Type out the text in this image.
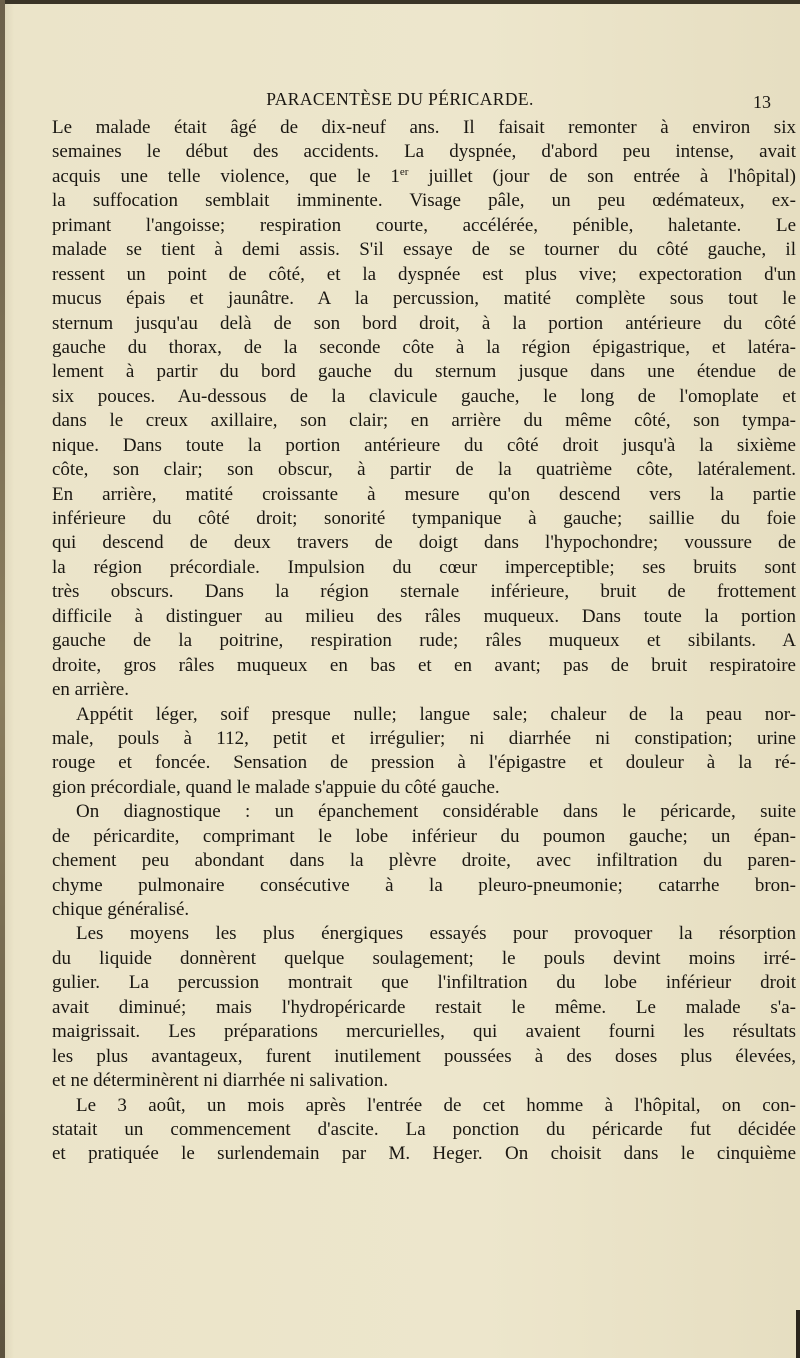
PARACENTÈSE DU PÉRICARDE.	13
Le malade était âgé de dix-neuf ans. Il faisait remonter à environ six
semaines le début des accidents. La dyspnée, d'abord peu intense, avait
acquis une telle violence, que le 1er juillet (jour de son entrée à l'hôpital)
la suffocation semblait imminente. Visage pâle, un peu œdémateux, ex-
primant l'angoisse; respiration courte, accélérée, pénible, haletante. Le
malade se tient à demi assis. S'il essaye de se tourner du côté gauche, il
ressent un point de côté, et la dyspnée est plus vive; expectoration d'un
mucus épais et jaunâtre. A la percussion, matité complète sous tout le
sternum jusqu'au delà de son bord droit, à la portion antérieure du côté
gauche du thorax, de la seconde côte à la région épigastrique, et latéra-
lement à partir du bord gauche du sternum jusque dans une étendue de
six pouces. Au-dessous de la clavicule gauche, le long de l'omoplate et
dans le creux axillaire, son clair; en arrière du même côté, son tympa-
nique. Dans toute la portion antérieure du côté droit jusqu'à la sixième
côte, son clair; son obscur, à partir de la quatrième côte, latéralement.
En arrière, matité croissante à mesure qu'on descend vers la partie
inférieure du côté droit; sonorité tympanique à gauche; saillie du foie
qui descend de deux travers de doigt dans l'hypochondre; voussure de
la région précordiale. Impulsion du cœur imperceptible; ses bruits sont
très obscurs. Dans la région sternale inférieure, bruit de frottement
difficile à distinguer au milieu des râles muqueux. Dans toute la portion
gauche de la poitrine, respiration rude; râles muqueux et sibilants. A
droite, gros râles muqueux en bas et en avant; pas de bruit respiratoire
en arrière.
Appétit léger, soif presque nulle; langue sale; chaleur de la peau nor-
male, pouls à 112, petit et irrégulier; ni diarrhée ni constipation; urine
rouge et foncée. Sensation de pression à l'épigastre et douleur à la ré-
gion précordiale, quand le malade s'appuie du côté gauche.
On diagnostique : un épanchement considérable dans le péricarde, suite
de péricardite, comprimant le lobe inférieur du poumon gauche; un épan-
chement peu abondant dans la plèvre droite, avec infiltration du paren-
chyme pulmonaire consécutive à la pleuro-pneumonie; catarrhe bron-
chique généralisé.
Les moyens les plus énergiques essayés pour provoquer la résorption
du liquide donnèrent quelque soulagement; le pouls devint moins irré-
gulier. La percussion montrait que l'infiltration du lobe inférieur droit
avait diminué; mais l'hydropéricarde restait le même. Le malade s'a-
maigrissait. Les préparations mercurielles, qui avaient fourni les résultats
les plus avantageux, furent inutilement poussées à des doses plus élevées,
et ne déterminèrent ni diarrhée ni salivation.
Le 3 août, un mois après l'entrée de cet homme à l'hôpital, on con-
statait un commencement d'ascite. La ponction du péricarde fut décidée
et pratiquée le surlendemain par M. Heger. On choisit dans le cinquième
